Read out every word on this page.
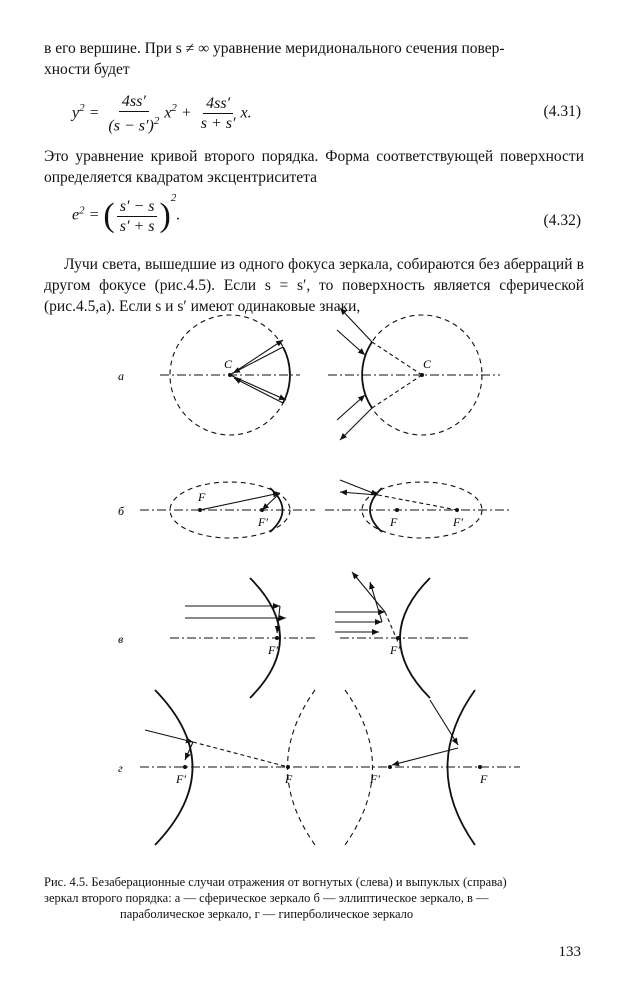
в его вершине. При s ≠ ∞ уравнение меридионального сечения повер-

хности будет

$y^2 = \frac{4ss'}{(s - s')^2} x^2 + \frac{4ss'}{s + s'} x$.	(4.31)

Это уравнение кривой второго порядка. Форма соответствующей поверхности определяется квадратом эксцентриситета

$e^2$ = ( $\frac{s' - s}{s' + s} )^2$.	(4.32)

Лучи света, вышедшие из одного фокуса зеркала, собираются без аберраций в другом фокусе (рис.4.5). Если s = s′, то поверхность является сферической (рис.4.5,а). Если s и s′ имеют одинаковые знаки,

а
б
в
г
C	C
F
F′	F	F′
F′	F′
F′	F	F′	F

Рис. 4.5. Безаберационные случаи отражения от вогнутых (слева) и выпуклых (справа)
зеркал второго порядка: а — сферическое зеркало б — эллиптическое зеркало, в —
параболическое зеркало, г — гиперболическое зеркало

133
